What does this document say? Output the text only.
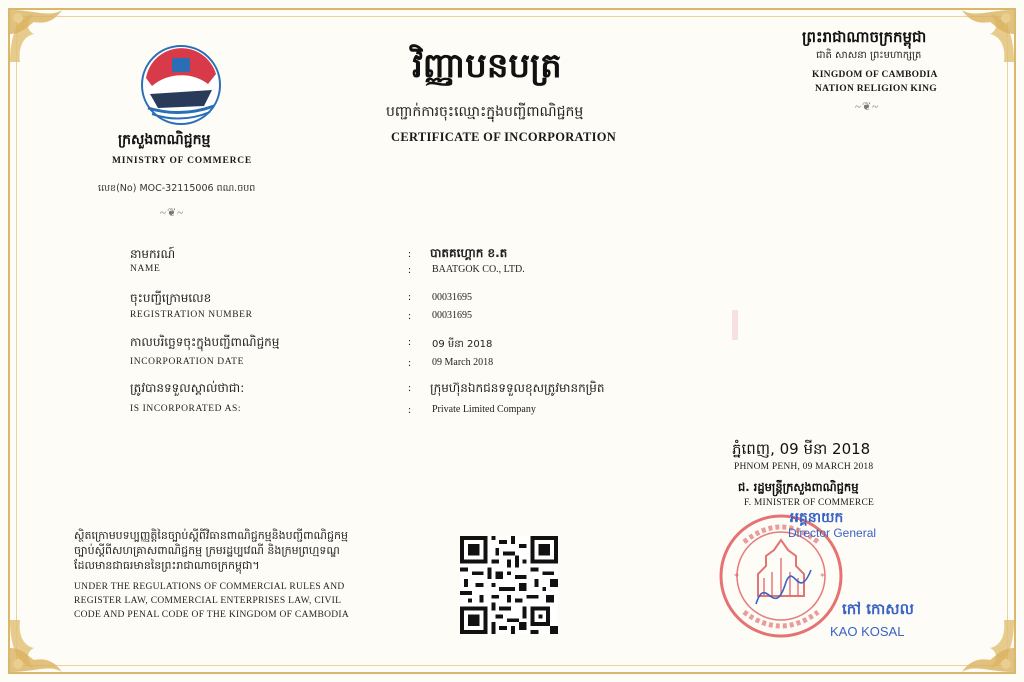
ក្រសួងពាណិជ្ជកម្ម
MINISTRY OF COMMERCE
លេខ(No) MOC-32115006 ពណ.ចបព
~❦~
វិញ្ញាបនបត្រ
បញ្ជាក់ការចុះឈ្មោះក្នុងបញ្ជីពាណិជ្ជកម្ម
CERTIFICATE OF INCORPORATION
ព្រះរាជាណាចក្រកម្ពុជា
ជាតិ សាសនា ព្រះមហាក្សត្រ
KINGDOM OF CAMBODIA
NATION RELIGION KING
~❦~
នាមករណ៍
NAME
:
:
បាតគហ្គោក ខ.ត
BAATGOK CO., LTD.
ចុះបញ្ជីក្រោមលេខ
REGISTRATION NUMBER
:
:
00031695
00031695
កាលបរិច្ឆេទចុះក្នុងបញ្ជីពាណិជ្ជកម្ម
INCORPORATION DATE
:
:
09 មីនា 2018
09 March 2018
ត្រូវបានទទួលស្គាល់ថាជា:
IS INCORPORATED AS:
:
:
ក្រុមហ៊ុនឯកជនទទួលខុសត្រូវមានកម្រិត
Private Limited Company
ភ្នំពេញ, 09 មីនា 2018
PHNOM PENH, 09 MARCH 2018
ជ. រដ្ឋមន្ត្រីក្រសួងពាណិជ្ជកម្ម
F. MINISTER OF COMMERCE
*	*
អគ្គនាយក
Director General
កៅ កោសល
KAO KOSAL
ស្ថិតក្រោមបទប្បញ្ញត្តិនៃច្បាប់ស្ដីពីវិធានពាណិជ្ជកម្មនិងបញ្ជីពាណិជ្ជកម្ម
ច្បាប់ស្ដីពីសហគ្រាសពាណិជ្ជកម្ម ក្រមរដ្ឋប្បវេណី និងក្រមព្រហ្មទណ្ឌ
ដែលមានជាធរមាននៃព្រះរាជាណាចក្រកម្ពុជា។
UNDER THE REGULATIONS OF COMMERCIAL RULES AND
REGISTER LAW, COMMERCIAL ENTERPRISES LAW, CIVIL
CODE AND PENAL CODE OF THE KINGDOM OF CAMBODIA
